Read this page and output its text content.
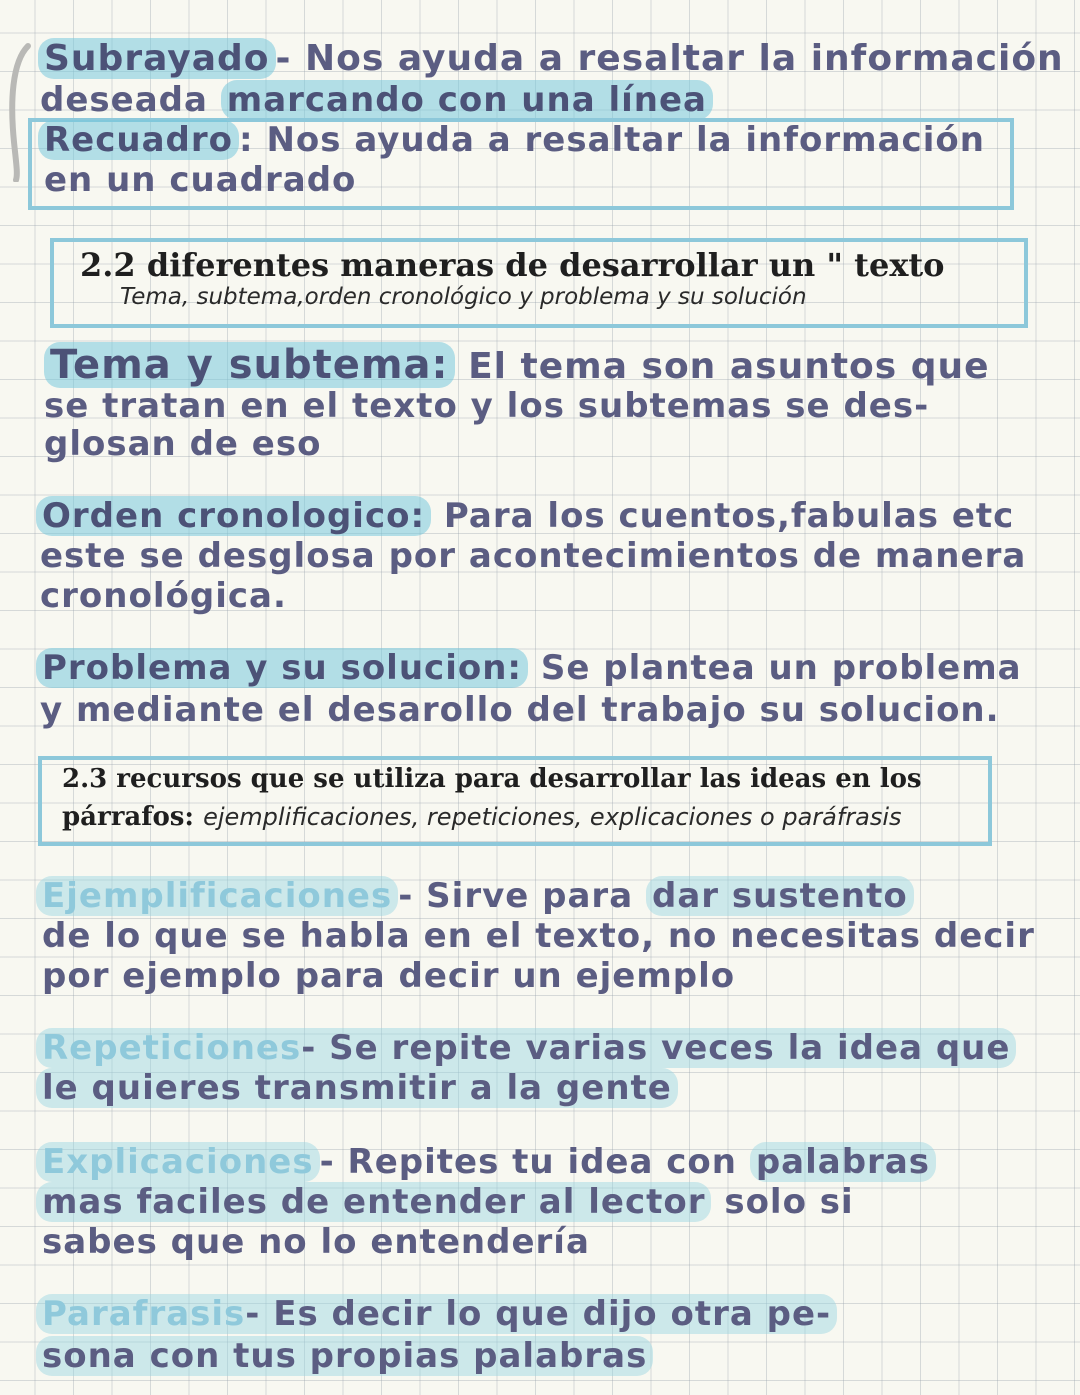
Subrayado - Nos ayuda a resaltar la información
deseada marcando con una línea
Recuadro : Nos ayuda a resaltar la información
en un cuadrado
2.2 diferentes maneras de desarrollar un " texto
Tema, subtema,orden cronológico y problema y su solución
Tema y subtema: El tema son asuntos que
se tratan en el texto y los subtemas se des-
glosan de eso
Orden cronologico: Para los cuentos,fabulas etc
este se desglosa por acontecimientos de manera
cronológica.
Problema y su solucion: Se plantea un problema
y mediante el desarollo del trabajo su solucion.
2.3 recursos que se utiliza para desarrollar las ideas en los
párrafos: ejemplificaciones, repeticiones, explicaciones o paráfrasis
Ejemplificaciones - Sirve para dar sustento
de lo que se habla en el texto, no necesitas decir
por ejemplo para decir un ejemplo
Repeticiones- Se repite varias veces la idea que
le quieres transmitir a la gente
Explicaciones - Repites tu idea con palabras
mas faciles de entender al lector solo si
sabes que no lo entendería
Parafrasis- Es decir lo que dijo otra pe-
sona con tus propias palabras
